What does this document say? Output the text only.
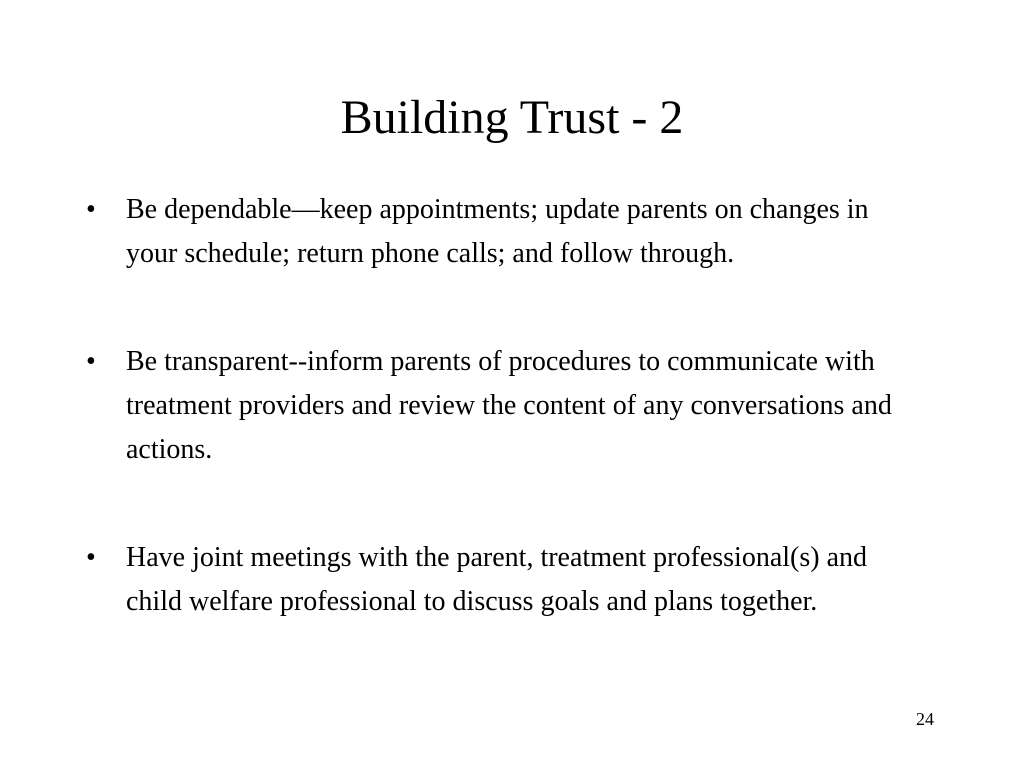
Building Trust - 2
•	Be dependable—keep appointments; update parents on changes in your schedule; return phone calls; and follow through.
•	Be transparent--inform parents of procedures to communicate with treatment providers and review the content of any conversations and actions.
•	Have joint meetings with the parent, treatment professional(s) and child welfare professional to discuss goals and plans together.
24
